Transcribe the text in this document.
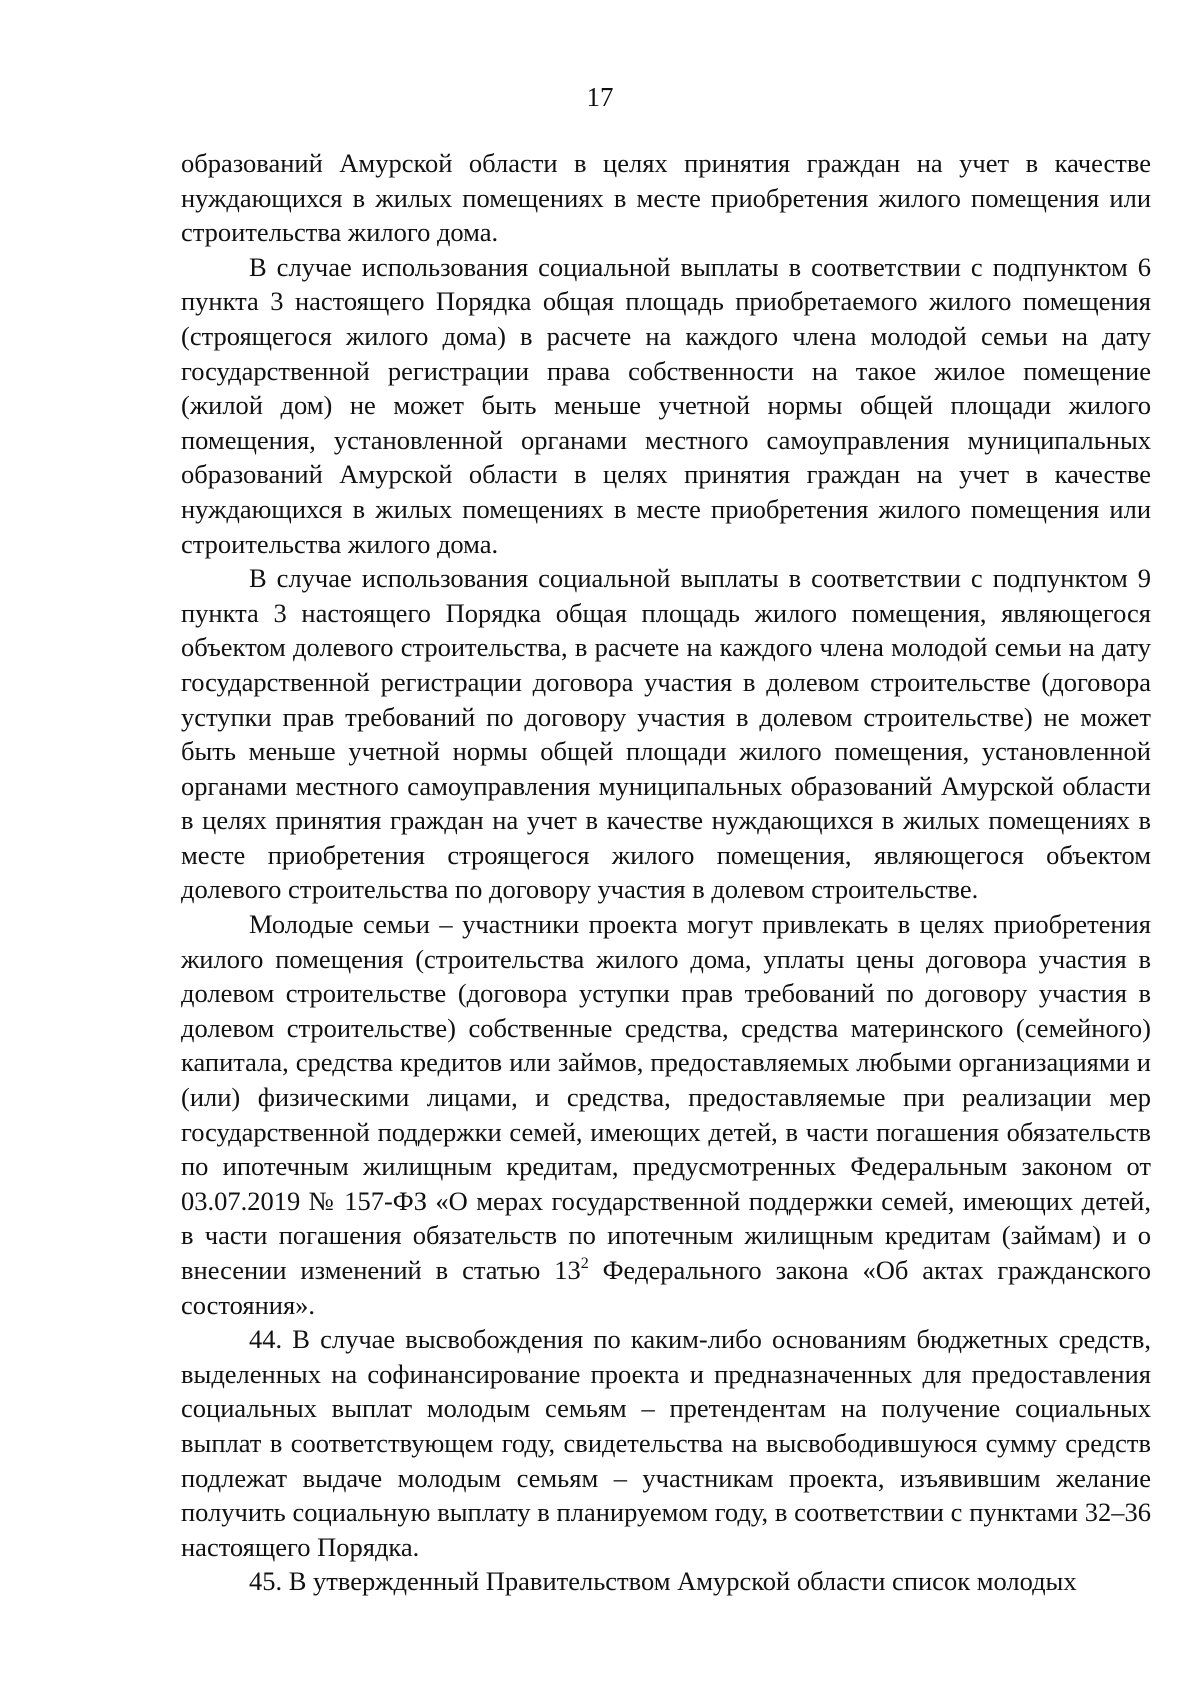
17

образований Амурской области в целях принятия граждан на учет в качестве нуждающихся в жилых помещениях в месте приобретения жилого помещения или строительства жилого дома.

В случае использования социальной выплаты в соответствии с подпунктом 6 пункта 3 настоящего Порядка общая площадь приобретаемого жилого помещения (строящегося жилого дома) в расчете на каждого члена молодой семьи на дату государственной регистрации права собственности на такое жилое помещение (жилой дом) не может быть меньше учетной нормы общей площади жилого помещения, установленной органами местного самоуправления муниципальных образований Амурской области в целях принятия граждан на учет в качестве нуждающихся в жилых помещениях в месте приобретения жилого помещения или строительства жилого дома.

В случае использования социальной выплаты в соответствии с подпунктом 9 пункта 3 настоящего Порядка общая площадь жилого помещения, являющегося объектом долевого строительства, в расчете на каждого члена молодой семьи на дату государственной регистрации договора участия в долевом строительстве (договора уступки прав требований по договору участия в долевом строительстве) не может быть меньше учетной нормы общей площади жилого помещения, установленной органами местного самоуправления муниципальных образований Амурской области в целях принятия граждан на учет в качестве нуждающихся в жилых помещениях в месте приобретения строящегося жилого помещения, являющегося объектом долевого строительства по договору участия в долевом строительстве.

Молодые семьи – участники проекта могут привлекать в целях приобретения жилого помещения (строительства жилого дома, уплаты цены договора участия в долевом строительстве (договора уступки прав требований по договору участия в долевом строительстве) собственные средства, средства материнского (семейного) капитала, средства кредитов или займов, предоставляемых любыми организациями и (или) физическими лицами, и средства, предоставляемые при реализации мер государственной поддержки семей, имеющих детей, в части погашения обязательств по ипотечным жилищным кредитам, предусмотренных Федеральным законом от 03.07.2019 № 157-ФЗ «О мерах государственной поддержки семей, имеющих детей, в части погашения обязательств по ипотечным жилищным кредитам (займам) и о внесении изменений в статью $13^2$ Федерального закона «Об актах гражданского состояния».

44. В случае высвобождения по каким-либо основаниям бюджетных средств, выделенных на софинансирование проекта и предназначенных для предоставления социальных выплат молодым семьям – претендентам на получение социальных выплат в соответствующем году, свидетельства на высвободившуюся сумму средств подлежат выдаче молодым семьям – участникам проекта, изъявившим желание получить социальную выплату в планируемом году, в соответствии с пунктами 32–36 настоящего Порядка.

45. В утвержденный Правительством Амурской области список молодых
